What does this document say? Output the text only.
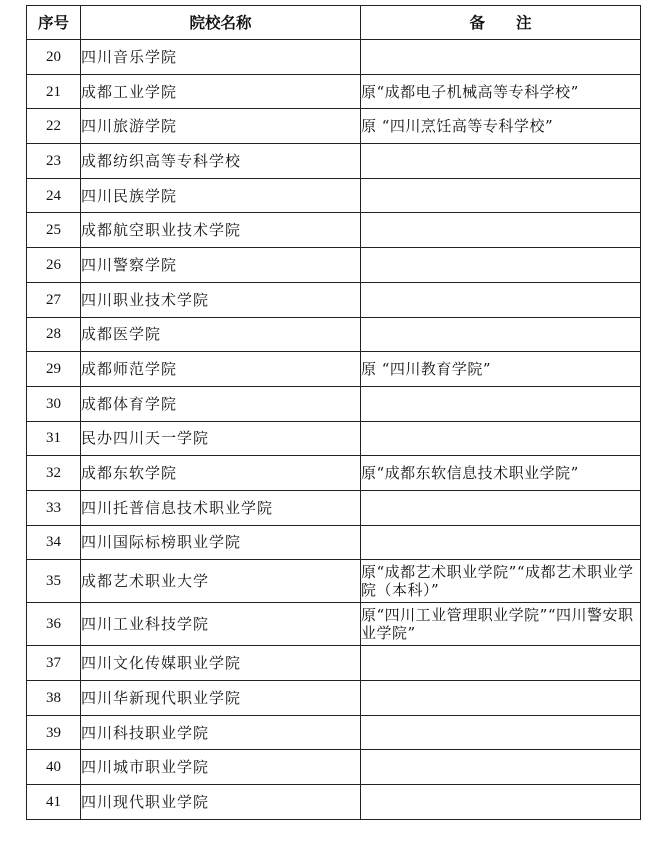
序号	院校名称	备　　注
20	四川音乐学院	
21	成都工业学院	原“成都电子机械高等专科学校”
22	四川旅游学院	原 “四川烹饪高等专科学校”
23	成都纺织高等专科学校	
24	四川民族学院	
25	成都航空职业技术学院	
26	四川警察学院	
27	四川职业技术学院	
28	成都医学院	
29	成都师范学院	原 “四川教育学院”
30	成都体育学院	
31	民办四川天一学院	
32	成都东软学院	原“成都东软信息技术职业学院”
33	四川托普信息技术职业学院	
34	四川国际标榜职业学院	
35	成都艺术职业大学	原“成都艺术职业学院”“成都艺术职业学院（本科）”
36	四川工业科技学院	原“四川工业管理职业学院”“四川警安职业学院”
37	四川文化传媒职业学院	
38	四川华新现代职业学院	
39	四川科技职业学院	
40	四川城市职业学院	
41	四川现代职业学院	
